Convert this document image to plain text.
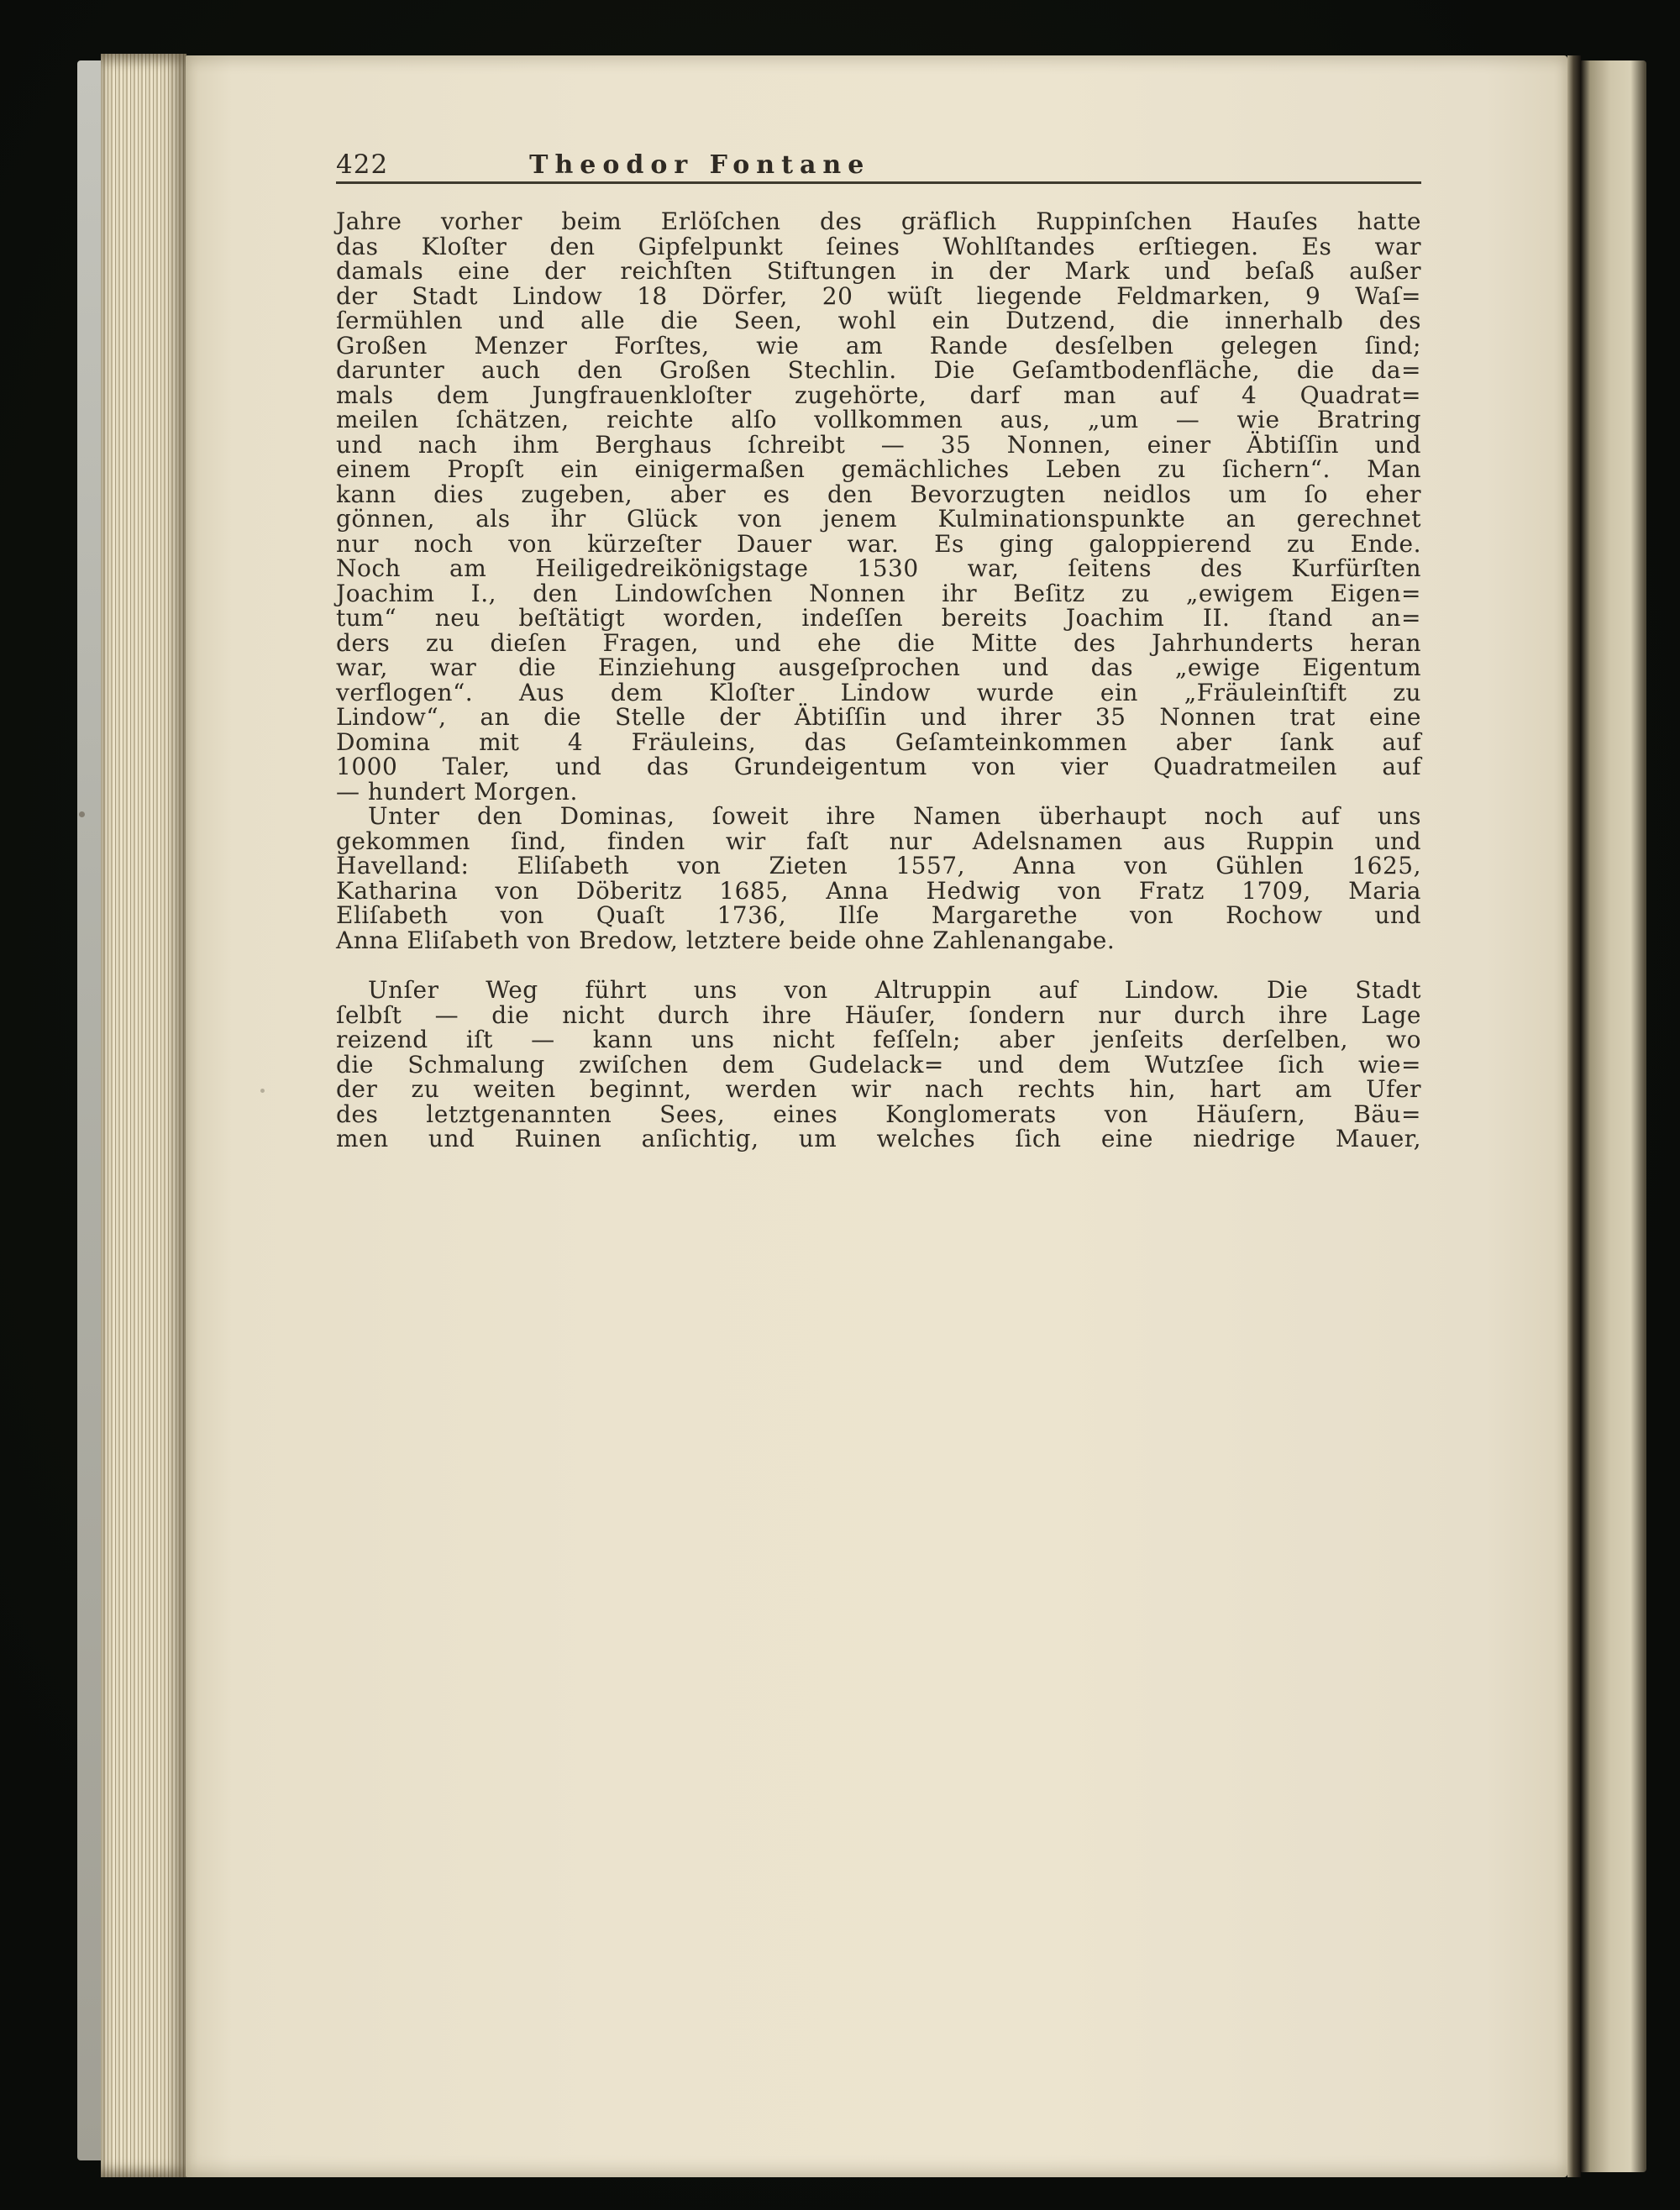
422	Theodor Fontane
Jahre vorher beim Erlöſchen des gräflich Ruppinſchen Hauſes hatte
das Kloſter den Gipfelpunkt ſeines Wohlſtandes erſtiegen. Es war
damals eine der reichſten Stiftungen in der Mark und beſaß außer
der Stadt Lindow 18 Dörfer, 20 wüſt liegende Feldmarken, 9 Waſ=
ſermühlen und alle die Seen, wohl ein Dutzend, die innerhalb des
Großen Menzer Forſtes, wie am Rande desſelben gelegen ſind;
darunter auch den Großen Stechlin. Die Geſamtbodenfläche, die da=
mals dem Jungfrauenkloſter zugehörte, darf man auf 4 Quadrat=
meilen ſchätzen, reichte alſo vollkommen aus, „um — wie Bratring
und nach ihm Berghaus ſchreibt — 35 Nonnen, einer Äbtiſſin und
einem Propſt ein einigermaßen gemächliches Leben zu ſichern“. Man
kann dies zugeben, aber es den Bevorzugten neidlos um ſo eher
gönnen, als ihr Glück von jenem Kulminationspunkte an gerechnet
nur noch von kürzeſter Dauer war. Es ging galoppierend zu Ende.
Noch am Heiligedreikönigstage 1530 war, ſeitens des Kurfürſten
Joachim I., den Lindowſchen Nonnen ihr Beſitz zu „ewigem Eigen=
tum“ neu beſtätigt worden, indeſſen bereits Joachim II. ſtand an=
ders zu dieſen Fragen, und ehe die Mitte des Jahrhunderts heran
war, war die Einziehung ausgeſprochen und das „ewige Eigentum
verflogen“. Aus dem Kloſter Lindow wurde ein „Fräuleinſtift zu
Lindow“, an die Stelle der Äbtiſſin und ihrer 35 Nonnen trat eine
Domina mit 4 Fräuleins, das Geſamteinkommen aber ſank auf
1000 Taler, und das Grundeigentum von vier Quadratmeilen auf
— hundert Morgen.
Unter den Dominas, ſoweit ihre Namen überhaupt noch auf uns
gekommen ſind, finden wir faſt nur Adelsnamen aus Ruppin und
Havelland: Eliſabeth von Zieten 1557, Anna von Gühlen 1625,
Katharina von Döberitz 1685, Anna Hedwig von Fratz 1709, Maria
Eliſabeth von Quaſt 1736, Ilſe Margarethe von Rochow und
Anna Eliſabeth von Bredow, letztere beide ohne Zahlenangabe.
Unſer Weg führt uns von Altruppin auf Lindow. Die Stadt
ſelbſt — die nicht durch ihre Häuſer, ſondern nur durch ihre Lage
reizend iſt — kann uns nicht feſſeln; aber jenſeits derſelben, wo
die Schmalung zwiſchen dem Gudelack= und dem Wutzſee ſich wie=
der zu weiten beginnt, werden wir nach rechts hin, hart am Ufer
des letztgenannten Sees, eines Konglomerats von Häuſern, Bäu=
men und Ruinen anſichtig, um welches ſich eine niedrige Mauer,
